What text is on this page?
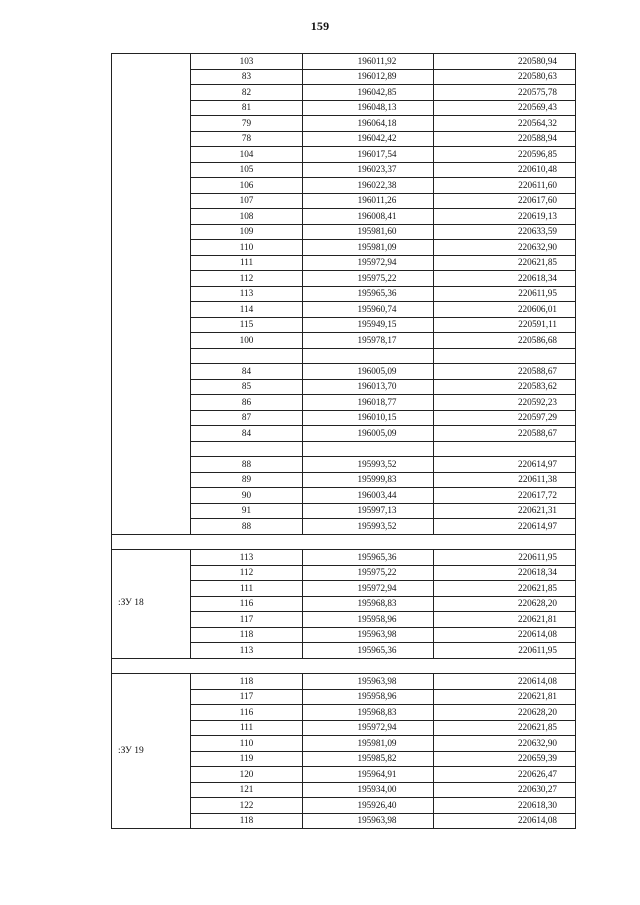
159
	103	196011,92	220580,94
	83	196012,89	220580,63
	82	196042,85	220575,78
	81	196048,13	220569,43
	79	196064,18	220564,32
	78	196042,42	220588,94
	104	196017,54	220596,85
	105	196023,37	220610,48
	106	196022,38	220611,60
	107	196011,26	220617,60
	108	196008,41	220619,13
	109	195981,60	220633,59
	110	195981,09	220632,90
	111	195972,94	220621,85
	112	195975,22	220618,34
	113	195965,36	220611,95
	114	195960,74	220606,01
	115	195949,15	220591,11
	100	195978,17	220586,68

	84	196005,09	220588,67
	85	196013,70	220583,62
	86	196018,77	220592,23
	87	196010,15	220597,29
	84	196005,09	220588,67

	88	195993,52	220614,97
	89	195999,83	220611,38
	90	196003,44	220617,72
	91	195997,13	220621,31
	88	195993,52	220614,97

:ЗУ 18	113	195965,36	220611,95
	112	195975,22	220618,34
	111	195972,94	220621,85
	116	195968,83	220628,20
	117	195958,96	220621,81
	118	195963,98	220614,08
	113	195965,36	220611,95

:ЗУ 19	118	195963,98	220614,08
	117	195958,96	220621,81
	116	195968,83	220628,20
	111	195972,94	220621,85
	110	195981,09	220632,90
	119	195985,82	220659,39
	120	195964,91	220626,47
	121	195934,00	220630,27
	122	195926,40	220618,30
	118	195963,98	220614,08
